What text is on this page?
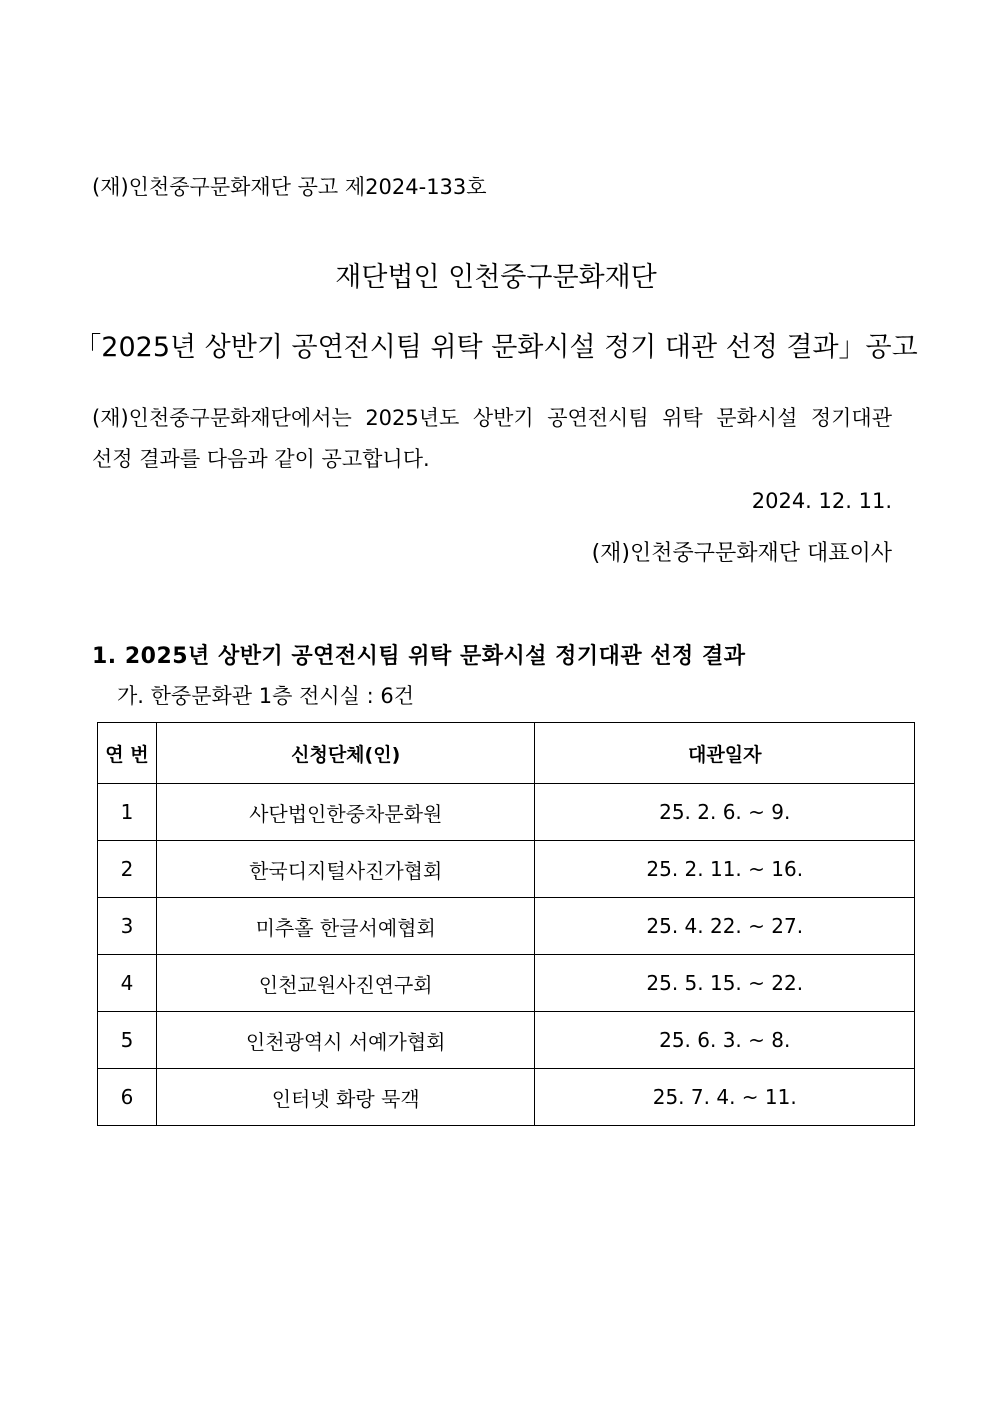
(재)인천중구문화재단 공고 제2024-133호
재단법인 인천중구문화재단
「2025년 상반기 공연전시팀 위탁 문화시설 정기 대관 선정 결과」공고
(재)인천중구문화재단에서는 2025년도 상반기 공연전시팀 위탁 문화시설 정기대관
선정 결과를 다음과 같이 공고합니다.
2024. 12. 11.
(재)인천중구문화재단 대표이사
1. 2025년 상반기 공연전시팀 위탁 문화시설 정기대관 선정 결과
가. 한중문화관 1층 전시실 : 6건
연 번	신청단체(인)	대관일자
1	사단법인한중차문화원	25. 2. 6. ~ 9.
2	한국디지털사진가협회	25. 2. 11. ~ 16.
3	미추홀 한글서예협회	25. 4. 22. ~ 27.
4	인천교원사진연구회	25. 5. 15. ~ 22.
5	인천광역시 서예가협회	25. 6. 3. ~ 8.
6	인터넷 화랑 묵객	25. 7. 4. ~ 11.
